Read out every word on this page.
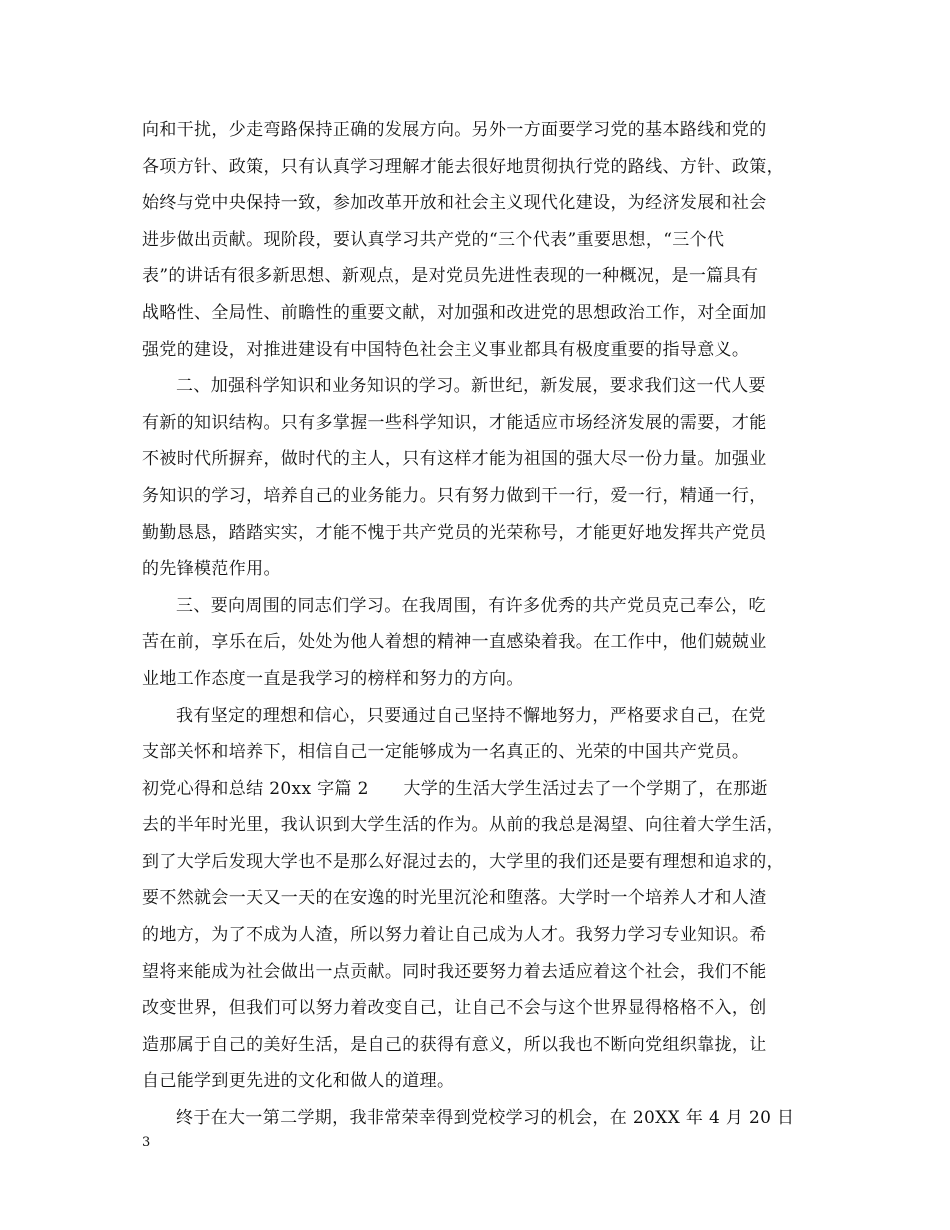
向和干扰，少走弯路保持正确的发展方向。另外一方面要学习党的基本路线和党的
各项方针、政策，只有认真学习理解才能去很好地贯彻执行党的路线、方针、政策，
始终与党中央保持一致，参加改革开放和社会主义现代化建设，为经济发展和社会
进步做出贡献。现阶段，要认真学习共产党的“三个代表”重要思想，“三个代
表”的讲话有很多新思想、新观点，是对党员先进性表现的一种概况，是一篇具有
战略性、全局性、前瞻性的重要文献，对加强和改进党的思想政治工作，对全面加
强党的建设，对推进建设有中国特色社会主义事业都具有极度重要的指导意义。
二、加强科学知识和业务知识的学习。新世纪，新发展，要求我们这一代人要
有新的知识结构。只有多掌握一些科学知识，才能适应市场经济发展的需要，才能
不被时代所摒弃，做时代的主人，只有这样才能为祖国的强大尽一份力量。加强业
务知识的学习，培养自己的业务能力。只有努力做到干一行，爱一行，精通一行，
勤勤恳恳，踏踏实实，才能不愧于共产党员的光荣称号，才能更好地发挥共产党员
的先锋模范作用。
三、要向周围的同志们学习。在我周围，有许多优秀的共产党员克己奉公，吃
苦在前，享乐在后，处处为他人着想的精神一直感染着我。在工作中，他们兢兢业
业地工作态度一直是我学习的榜样和努力的方向。
我有坚定的理想和信心，只要通过自己坚持不懈地努力，严格要求自己，在党
支部关怀和培养下，相信自己一定能够成为一名真正的、光荣的中国共产党员。
初党心得和总结 20xx 字篇 2　　大学的生活大学生活过去了一个学期了，在那逝
去的半年时光里，我认识到大学生活的作为。从前的我总是渴望、向往着大学生活，
到了大学后发现大学也不是那么好混过去的，大学里的我们还是要有理想和追求的，
要不然就会一天又一天的在安逸的时光里沉沦和堕落。大学时一个培养人才和人渣
的地方，为了不成为人渣，所以努力着让自己成为人才。我努力学习专业知识。希
望将来能成为社会做出一点贡献。同时我还要努力着去适应着这个社会，我们不能
改变世界，但我们可以努力着改变自己，让自己不会与这个世界显得格格不入，创
造那属于自己的美好生活，是自己的获得有意义，所以我也不断向党组织靠拢，让
自己能学到更先进的文化和做人的道理。
终于在大一第二学期，我非常荣幸得到党校学习的机会，在 20XX 年 4 月 20 日
3
